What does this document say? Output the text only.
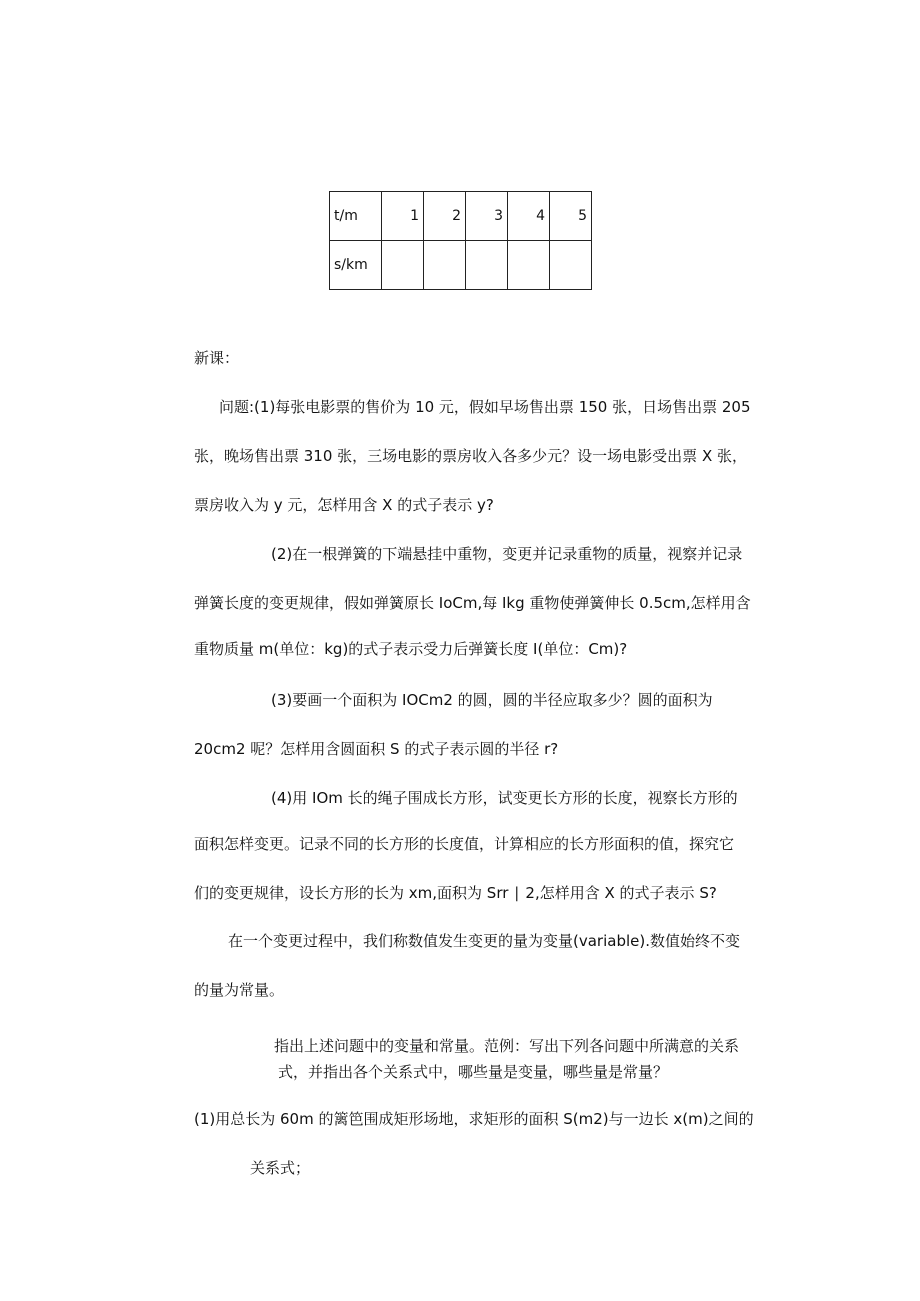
t/m	1	2	3	4	5
s/km					
新课：
问题:(1)每张电影票的售价为 10 元，假如早场售出票 150 张，日场售出票 205
张，晚场售出票 310 张，三场电影的票房收入各多少元？设一场电影受出票 X 张，
票房收入为 y 元，怎样用含 X 的式子表示 y?
(2)在一根弹簧的下端悬挂中重物，变更并记录重物的质量，视察并记录
弹簧长度的变更规律，假如弹簧原长 IoCm,每 Ikg 重物使弹簧伸长 0.5cm,怎样用含
重物质量 m(单位：kg)的式子表示受力后弹簧长度 I(单位：Cm)?
(3)要画一个面积为 IOCm2 的圆，圆的半径应取多少？圆的面积为
20cm2 呢？怎样用含圆面积 S 的式子表示圆的半径 r?
(4)用 IOm 长的绳子围成长方形，试变更长方形的长度，视察长方形的
面积怎样变更。记录不同的长方形的长度值，计算相应的长方形面积的值，探究它
们的变更规律，设长方形的长为 xm,面积为 Srr ∣ 2,怎样用含 X 的式子表示 S?
在一个变更过程中，我们称数值发生变更的量为变量(variable).数值始终不变
的量为常量。
指出上述问题中的变量和常量。范例：写出下列各问题中所满意的关系
式，并指出各个关系式中，哪些量是变量，哪些量是常量？
(1)用总长为 60m 的篱笆围成矩形场地，求矩形的面积 S(m2)与一边长 x(m)之间的
关系式；
